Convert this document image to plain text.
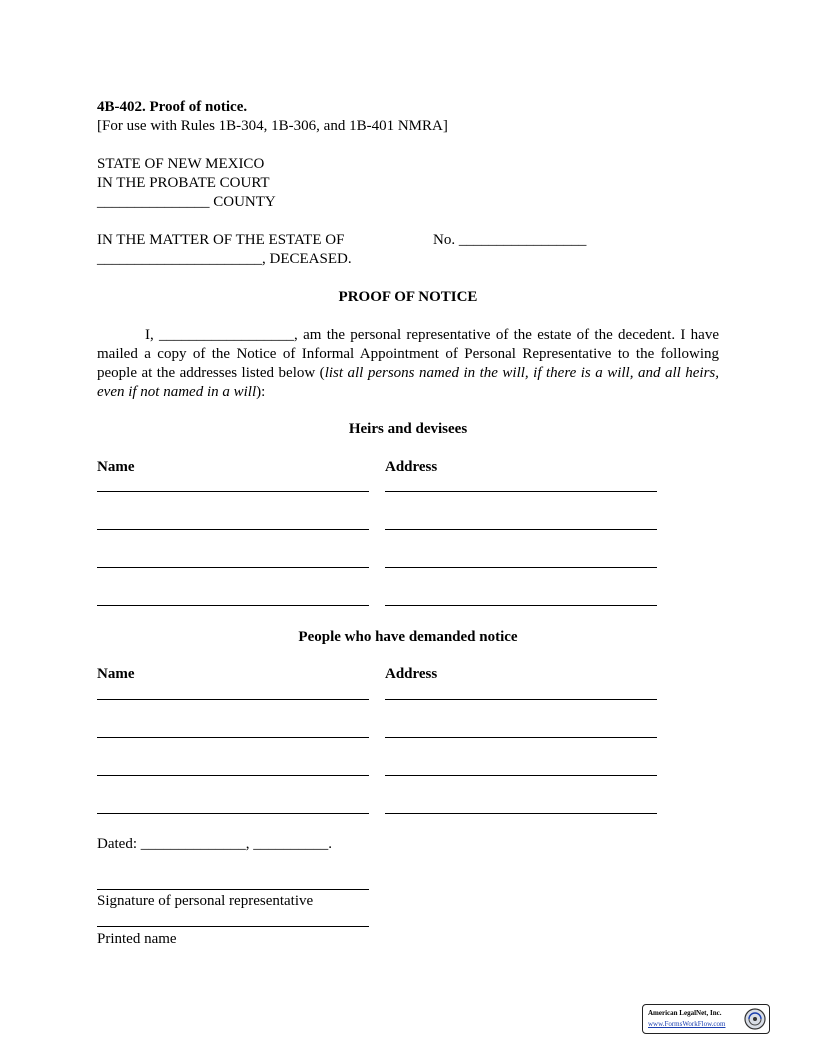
4B-402. Proof of notice.
[For use with Rules 1B-304, 1B-306, and 1B-401 NMRA]
STATE OF NEW MEXICO
IN THE PROBATE COURT
_______________ COUNTY
IN THE MATTER OF THE ESTATE OF	No. _________________
______________________, DECEASED.
PROOF OF NOTICE
I, __________________, am the personal representative of the estate of the decedent. I have mailed a copy of the Notice of Informal Appointment of Personal Representative to the following people at the addresses listed below (list all persons named in the will, if there is a will, and all heirs, even if not named in a will):
Heirs and devisees
Name	Address
People who have demanded notice
Name	Address
Dated: ______________, __________.
Signature of personal representative
Printed name
American LegalNet, Inc.
www.FormsWorkFlow.com
